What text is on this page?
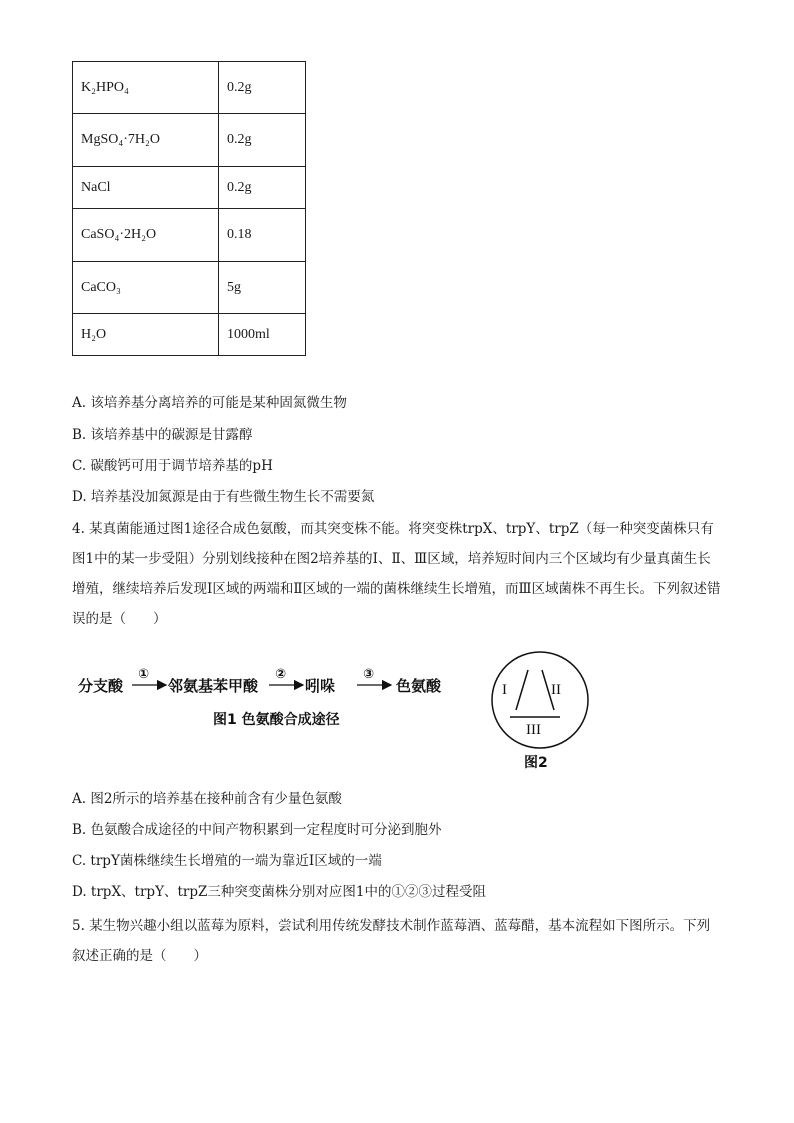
K₂HPO₄	0.2g
MgSO₄·7H₂O	0.2g
NaCl	0.2g
CaSO₄·2H₂O	0.18
CaCO₃	5g
H₂O	1000ml
A. 该培养基分离培养的可能是某种固氮微生物
B. 该培养基中的碳源是甘露醇
C. 碳酸钙可用于调节培养基的pH
D. 培养基没加氮源是由于有些微生物生长不需要氮
4. 某真菌能通过图1途径合成色氨酸，而其突变株不能。将突变株trpX、trpY、trpZ（每一种突变菌株只有图1中的某一步受阻）分别划线接种在图2培养基的Ⅰ、Ⅱ、Ⅲ区域，培养短时间内三个区域均有少量真菌生长增殖，继续培养后发现Ⅰ区域的两端和Ⅱ区域的一端的菌株继续生长增殖，而Ⅲ区域菌株不再生长。下列叙述错误的是（　　）
分支酸
①
邻氨基苯甲酸
②
吲哚
③
色氨酸
图1 色氨酸合成途径
I	II
III
图2
A. 图2所示的培养基在接种前含有少量色氨酸
B. 色氨酸合成途径的中间产物积累到一定程度时可分泌到胞外
C. trpY菌株继续生长增殖的一端为靠近Ⅰ区域的一端
D. trpX、trpY、trpZ三种突变菌株分别对应图1中的①②③过程受阻
5. 某生物兴趣小组以蓝莓为原料，尝试利用传统发酵技术制作蓝莓酒、蓝莓醋，基本流程如下图所示。下列叙述正确的是（　　）
